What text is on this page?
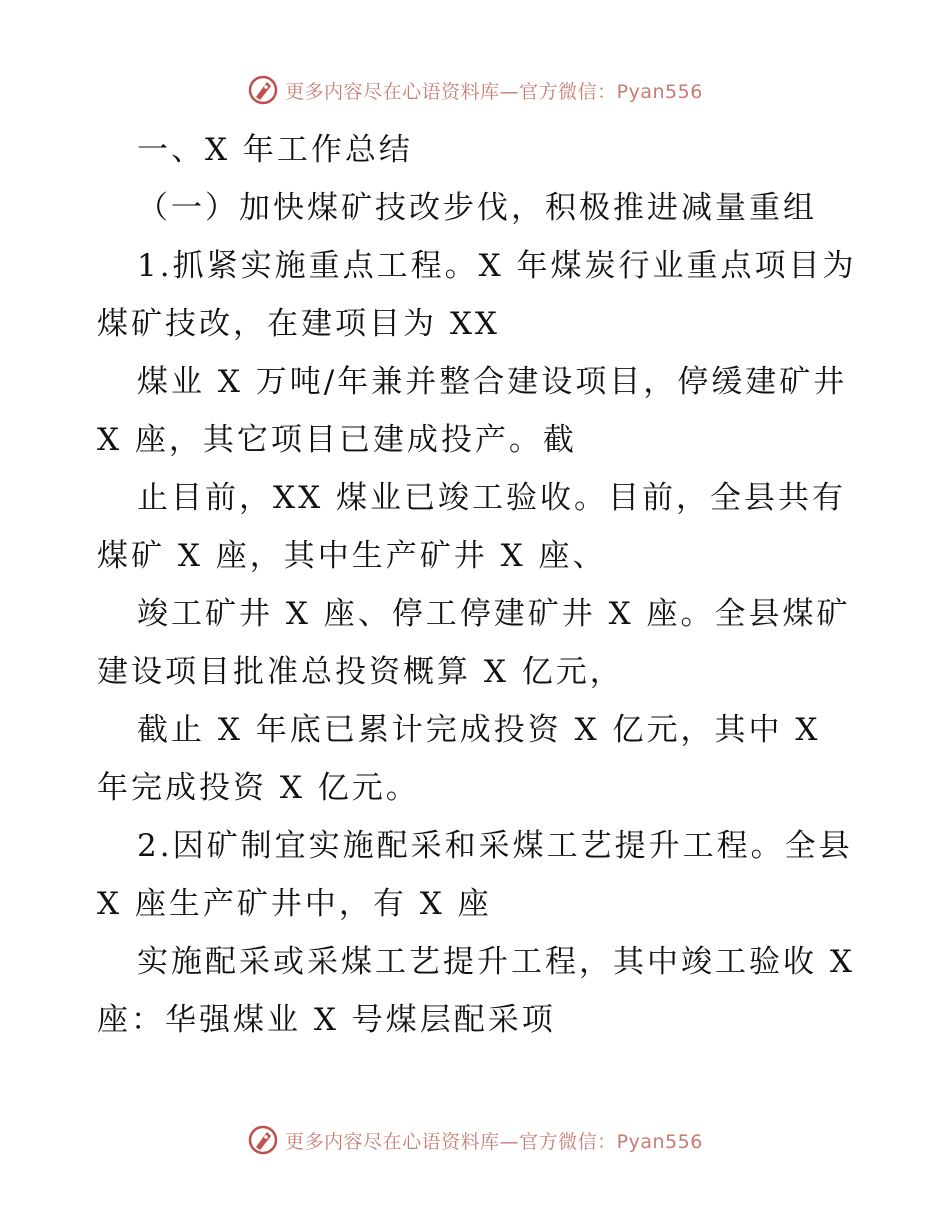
更多内容尽在心语资料库—官方微信：Pyan556
一、X 年工作总结
（一）加快煤矿技改步伐，积极推进减量重组
1.抓紧实施重点工程。X 年煤炭行业重点项目为
煤矿技改，在建项目为 XX
煤业 X 万吨/年兼并整合建设项目，停缓建矿井
X 座，其它项目已建成投产。截
止目前，XX 煤业已竣工验收。目前，全县共有
煤矿 X 座，其中生产矿井 X 座、
竣工矿井 X 座、停工停建矿井 X 座。全县煤矿
建设项目批准总投资概算 X 亿元，
截止 X 年底已累计完成投资 X 亿元，其中 X
年完成投资 X 亿元。
2.因矿制宜实施配采和采煤工艺提升工程。全县
X 座生产矿井中，有 X 座
实施配采或采煤工艺提升工程，其中竣工验收 X
座：华强煤业 X 号煤层配采项
更多内容尽在心语资料库—官方微信：Pyan556
